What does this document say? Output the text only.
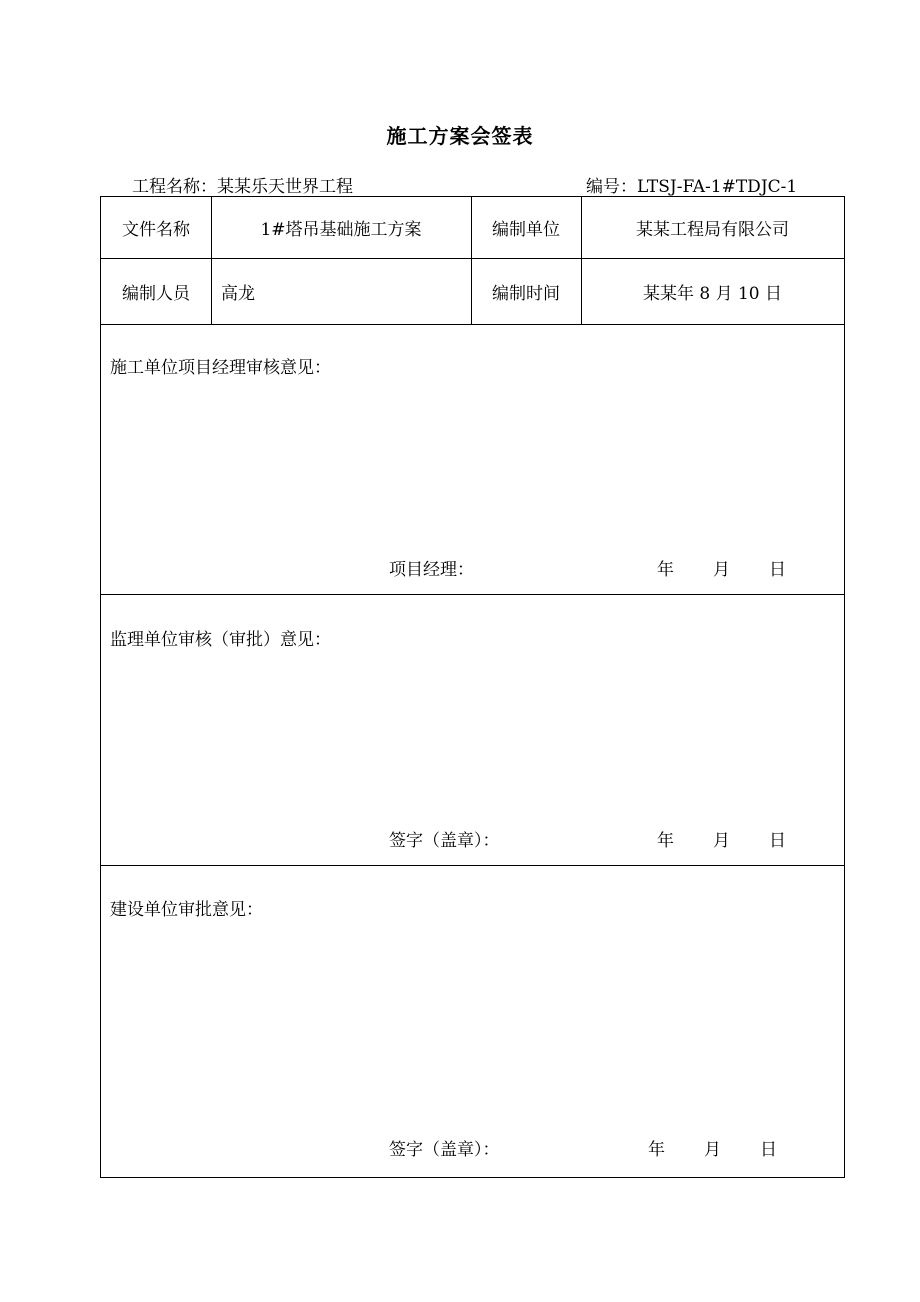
施工方案会签表
工程名称：某某乐天世界工程	编号：LTSJ-FA-1#TDJC-1
文件名称	1#塔吊基础施工方案	编制单位	某某工程局有限公司
编制人员	高龙	编制时间	某某年 8 月 10 日
施工单位项目经理审核意见：
项目经理：	年 月 日
监理单位审核（审批）意见：
签字（盖章）：	年 月 日
建设单位审批意见：
签字（盖章）：	年 月 日
